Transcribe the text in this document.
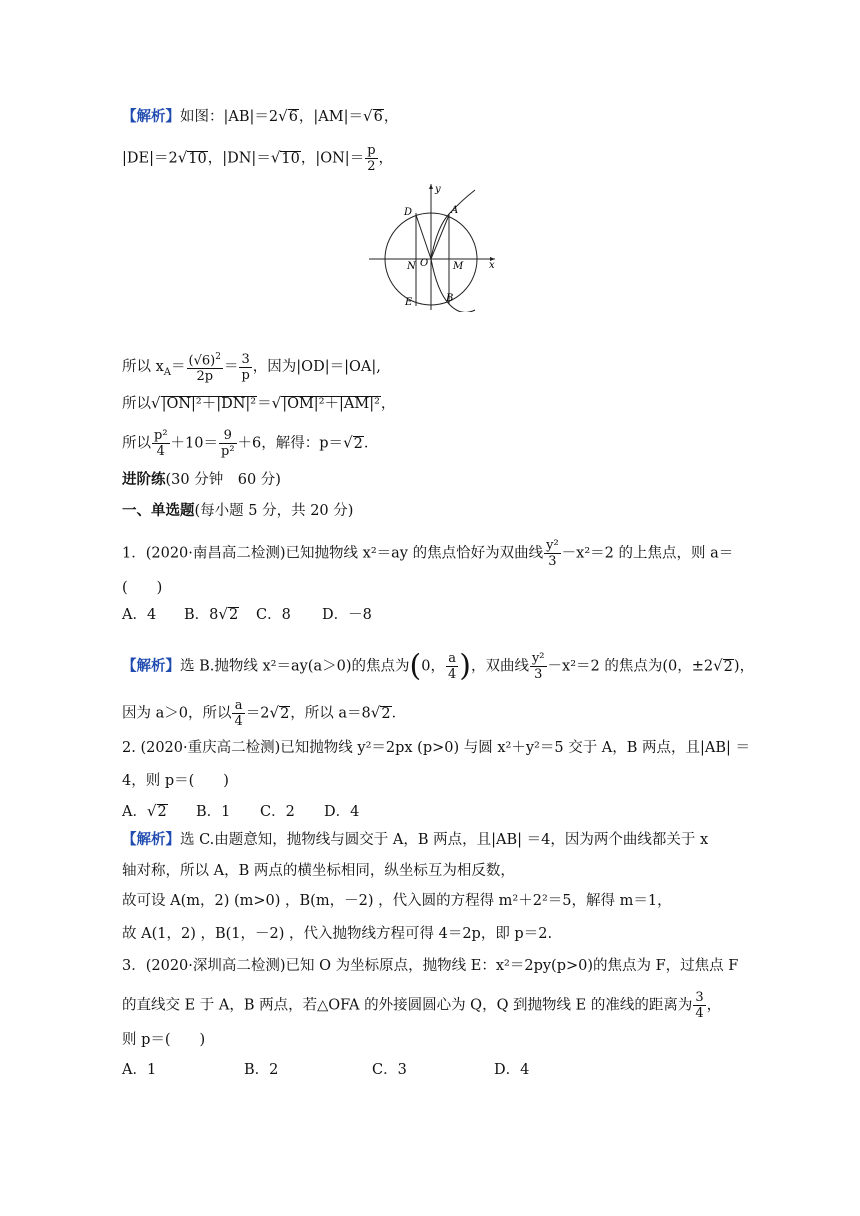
【解析】如图：|AB|＝2√6，|AM|＝√6，
|DE|＝2√10，|DN|＝√10，$|ON|= \frac{p}{2}$ ，
D	A
N O M
E	B
x
y
所以 $x_A= \frac{(√6)^2}{2p} = \frac{3}{p}$ ，因为|OD|＝|OA|,
所以√|ON|²＋|DN|²＝√|OM|²＋|AM|²，
所以 $\frac{\text{p²}}{4} +10= \frac{9}{\text{p²}} +6$，解得：p＝√2．
进阶练(30 分钟　60 分)
一、单选题(每小题 5 分，共 20 分)
1．(2020·南昌高二检测)已知抛物线 x²＝ay 的焦点恰好为双曲线 $\frac{\text{y²}}{3} -x^2=2$ 的上焦点，则 a＝
(　　)
A．4 B．8√2 C．8 D．－8
【解析】选 B.抛物线 x²＝ay(a＞0)的焦点为(0， $\frac{a}{4}$ )，双曲线 $\frac{\text{y²}}{3} -x^2=2$ 的焦点为(0，±2√2)，
因为 a＞0，所以 $\frac{a}{4} =2√2$，所以 a＝8√2．
2. (2020·重庆高二检测)已知抛物线 y²＝2px (p>0) 与圆 x²＋y²＝5 交于 A，B 两点，且|AB| ＝
4，则 p＝(　　)
A．√2 B．1 C．2 D．4
【解析】选 C.由题意知，抛物线与圆交于 A，B 两点，且|AB| ＝4，因为两个曲线都关于 x
轴对称，所以 A，B 两点的横坐标相同，纵坐标互为相反数，
故可设 A(m，2) (m>0) ，B(m，－2) ，代入圆的方程得 m²＋2²＝5，解得 m＝1，
故 A(1，2) ，B(1，－2) ，代入抛物线方程可得 4＝2p，即 p＝2.
3．(2020·深圳高二检测)已知 O 为坐标原点，抛物线 E：x²＝2py(p>0)的焦点为 F，过焦点 F
的直线交 E 于 A，B 两点，若△OFA 的外接圆圆心为 Q，Q 到抛物线 E 的准线的距离为 $\frac{3}{4}$ ，
则 p＝(　　)
A．1	B．2	C．3	D．4
